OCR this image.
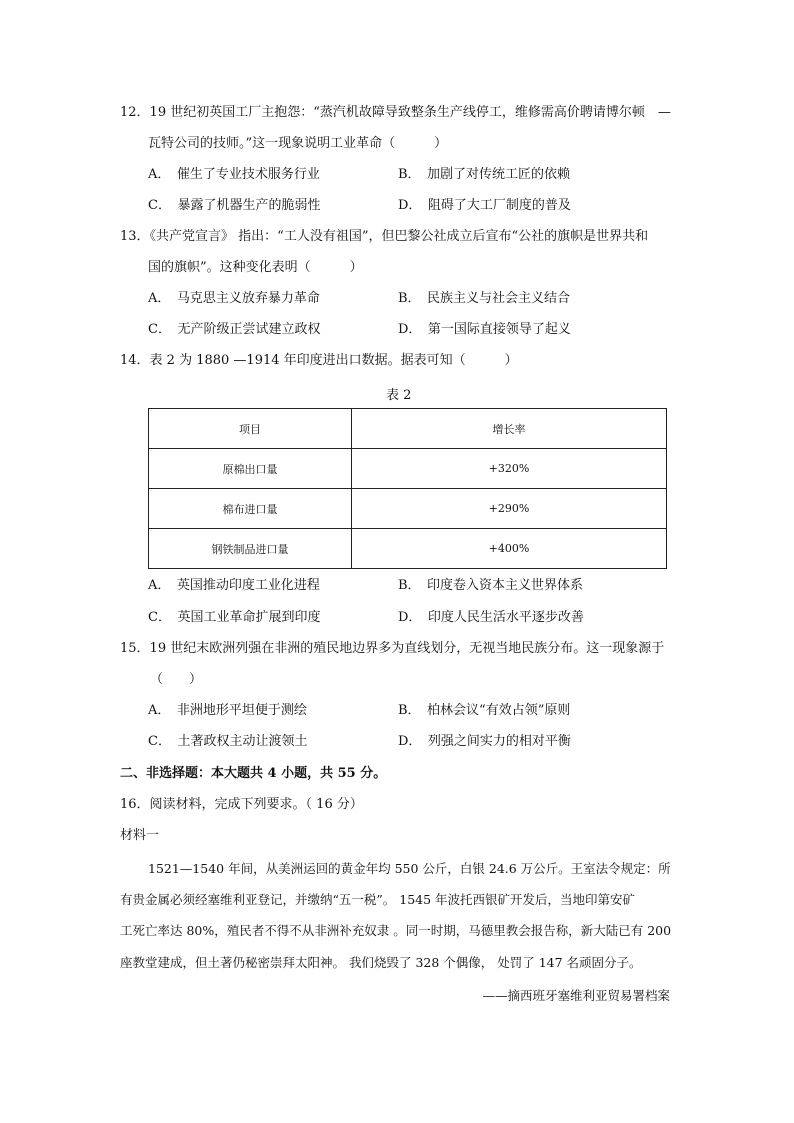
12．19 世纪初英国工厂主抱怨：“蒸汽机故障导致整条生产线停工，维修需高价聘请博尔顿　—
瓦特公司的技师。”这一现象说明工业革命（　　　）
A．　催生了专业技术服务行业	B．　加剧了对传统工匠的依赖
C．　暴露了机器生产的脆弱性	D．　阻碍了大工厂制度的普及
13．《共产党宣言》 指出：“工人没有祖国”，但巴黎公社成立后宣布“公社的旗帜是世界共和
国的旗帜”。这种变化表明（　　　）
A．　马克思主义放弃暴力革命	B．　民族主义与社会主义结合
C．　无产阶级正尝试建立政权	D．　第一国际直接领导了起义
14．表 2 为 1880 —1914 年印度进出口数据。据表可知（　　　）
表 2
项目	增长率
原棉出口量	+320%
棉布进口量	+290%
钢铁制品进口量	+400%
A．　英国推动印度工业化进程	B．　印度卷入资本主义世界体系
C．　英国工业革命扩展到印度	D．　印度人民生活水平逐步改善
15．19 世纪末欧洲列强在非洲的殖民地边界多为直线划分，无视当地民族分布。这一现象源于
（　　）
A．　非洲地形平坦便于测绘	B．　柏林会议“有效占领”原则
C．　土著政权主动让渡领土	D．　列强之间实力的相对平衡
二、非选择题：本大题共 4 小题，共 55 分。
16．阅读材料，完成下列要求。（ 16 分）
材料一
1521—1540 年间，从美洲运回的黄金年均 550 公斤，白银 24.6 万公斤。王室法令规定：所
有贵金属必须经塞维利亚登记，并缴纳“五一税”。 1545 年波托西银矿开发后，当地印第安矿
工死亡率达 80%，殖民者不得不从非洲补充奴隶 。同一时期，马德里教会报告称，新大陆已有 200
座教堂建成，但土著仍秘密崇拜太阳神。 我们烧毁了 328 个偶像， 处罚了 147 名顽固分子。
——摘西班牙塞维利亚贸易署档案
